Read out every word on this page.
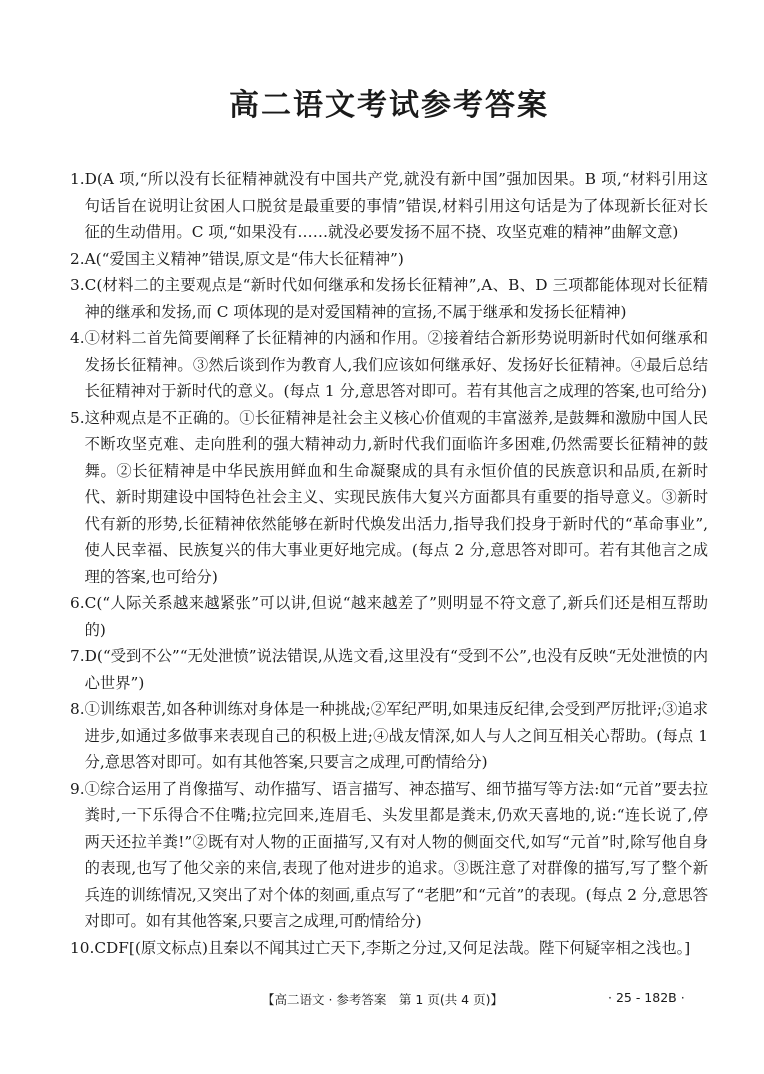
高二语文考试参考答案
1. D(A 项,“所以没有长征精神就没有中国共产党,就没有新中国”强加因果。B 项,“材料引用这句话旨在说明让贫困人口脱贫是最重要的事情”错误,材料引用这句话是为了体现新长征对长征的生动借用。C 项,“如果没有……就没必要发扬不屈不挠、攻坚克难的精神”曲解文意)
2. A(“爱国主义精神”错误,原文是“伟大长征精神”)
3. C(材料二的主要观点是“新时代如何继承和发扬长征精神”,A、B、D 三项都能体现对长征精神的继承和发扬,而 C 项体现的是对爱国精神的宣扬,不属于继承和发扬长征精神)
4. ①材料二首先简要阐释了长征精神的内涵和作用。②接着结合新形势说明新时代如何继承和发扬长征精神。③然后谈到作为教育人,我们应该如何继承好、发扬好长征精神。④最后总结长征精神对于新时代的意义。(每点 1 分,意思答对即可。若有其他言之成理的答案,也可给分)
5. 这种观点是不正确的。①长征精神是社会主义核心价值观的丰富滋养,是鼓舞和激励中国人民不断攻坚克难、走向胜利的强大精神动力,新时代我们面临许多困难,仍然需要长征精神的鼓舞。②长征精神是中华民族用鲜血和生命凝聚成的具有永恒价值的民族意识和品质,在新时代、新时期建设中国特色社会主义、实现民族伟大复兴方面都具有重要的指导意义。③新时代有新的形势,长征精神依然能够在新时代焕发出活力,指导我们投身于新时代的“革命事业”,使人民幸福、民族复兴的伟大事业更好地完成。(每点 2 分,意思答对即可。若有其他言之成理的答案,也可给分)
6. C(“人际关系越来越紧张”可以讲,但说“越来越差了”则明显不符文意了,新兵们还是相互帮助的)
7. D(“受到不公”“无处泄愤”说法错误,从选文看,这里没有“受到不公”,也没有反映“无处泄愤的内心世界”)
8. ①训练艰苦,如各种训练对身体是一种挑战;②军纪严明,如果违反纪律,会受到严厉批评;③追求进步,如通过多做事来表现自己的积极上进;④战友情深,如人与人之间互相关心帮助。(每点 1 分,意思答对即可。如有其他答案,只要言之成理,可酌情给分)
9. ①综合运用了肖像描写、动作描写、语言描写、神态描写、细节描写等方法:如“元首”要去拉粪时,一下乐得合不住嘴;拉完回来,连眉毛、头发里都是粪末,仍欢天喜地的,说:“连长说了,停两天还拉羊粪!”②既有对人物的正面描写,又有对人物的侧面交代,如写“元首”时,除写他自身的表现,也写了他父亲的来信,表现了他对进步的追求。③既注意了对群像的描写,写了整个新兵连的训练情况,又突出了对个体的刻画,重点写了“老肥”和“元首”的表现。(每点 2 分,意思答对即可。如有其他答案,只要言之成理,可酌情给分)
10. CDF[(原文标点)且秦以不闻其过亡天下,李斯之分过,又何足法哉。陛下何疑宰相之浅也。]
【高二语文 · 参考答案　第 1 页(共 4 页)】	· 25 - 182B ·
